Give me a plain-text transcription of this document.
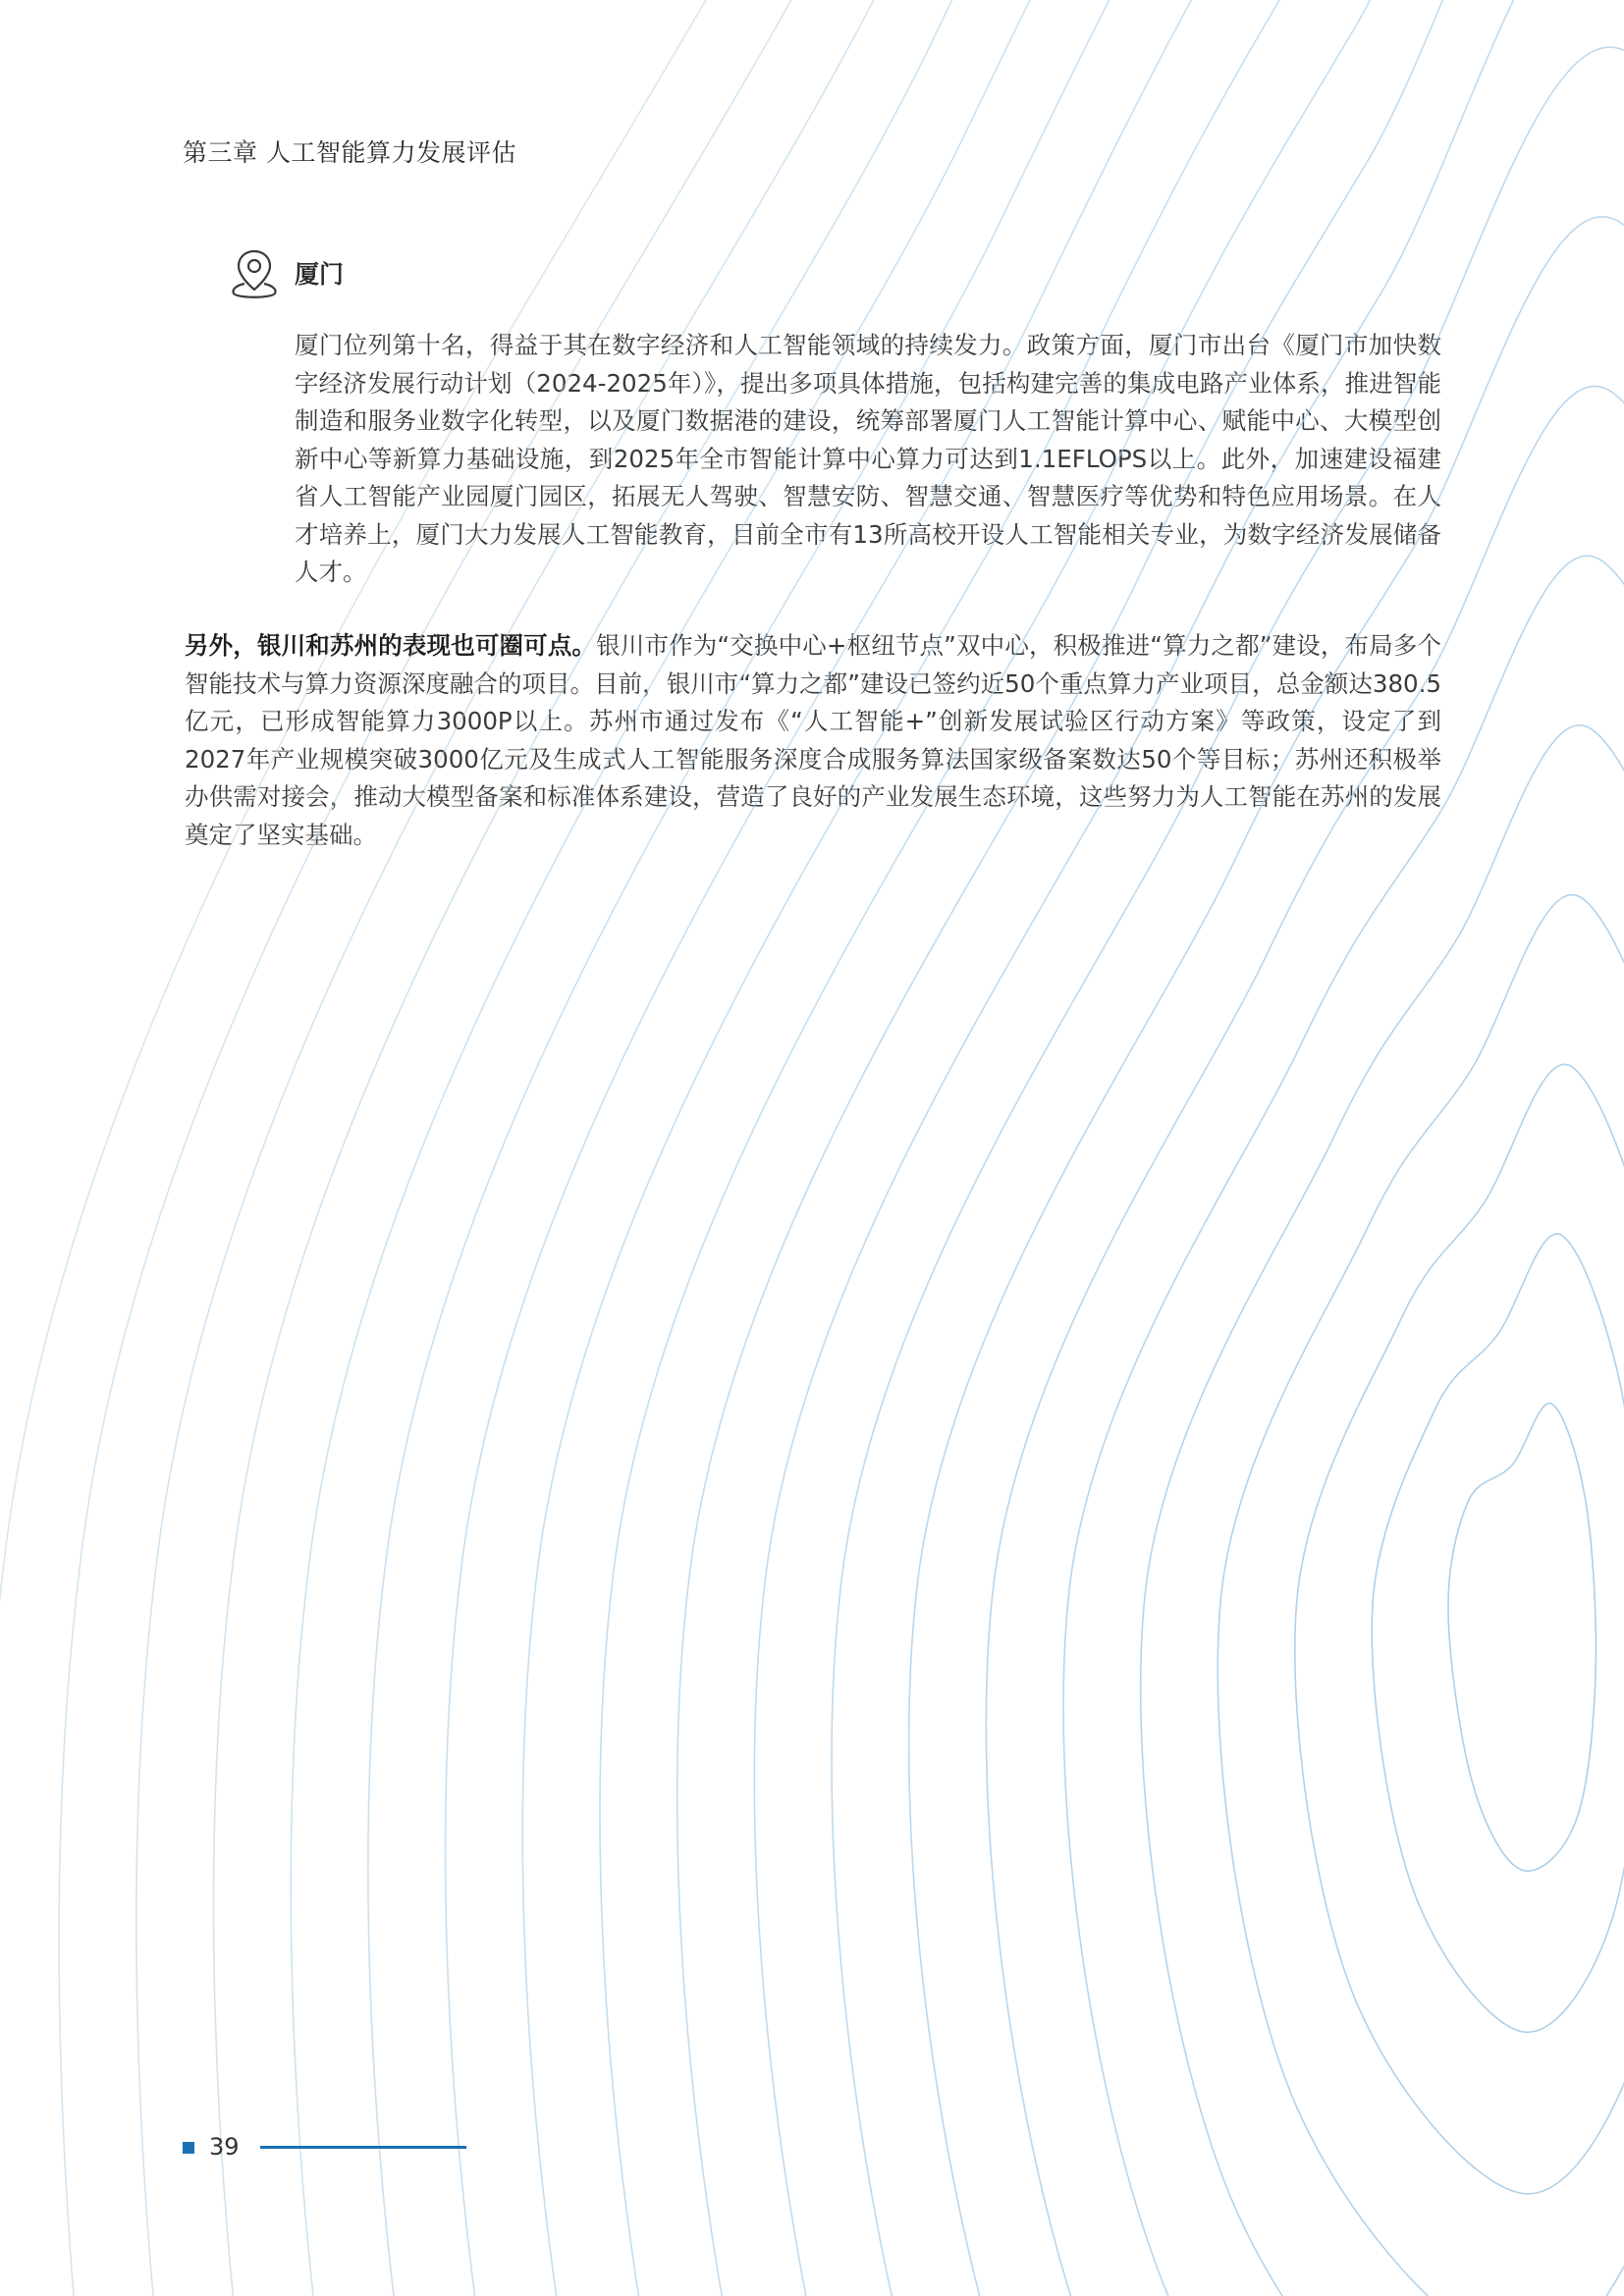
第三章 人工智能算力发展评估
厦门

厦门位列第十名，得益于其在数字经济和人工智能领域的持续发力。政策方面，厦门市出台《厦门市加快数字经济发展行动计划（2024-2025年）》，提出多项具体措施，包括构建完善的集成电路产业体系，推进智能制造和服务业数字化转型，以及厦门数据港的建设，统筹部署厦门人工智能计算中心、赋能中心、大模型创新中心等新算力基础设施，到2025年全市智能计算中心算力可达到1.1EFLOPS以上。此外，加速建设福建省人工智能产业园厦门园区，拓展无人驾驶、智慧安防、智慧交通、智慧医疗等优势和特色应用场景。在人才培养上，厦门大力发展人工智能教育，目前全市有13所高校开设人工智能相关专业，为数字经济发展储备人才。

另外，银川和苏州的表现也可圈可点。银川市作为“交换中心+枢纽节点”双中心，积极推进“算力之都”建设，布局多个智能技术与算力资源深度融合的项目。目前，银川市“算力之都”建设已签约近50个重点算力产业项目，总金额达380.5亿元，已形成智能算力3000P以上。苏州市通过发布《“人工智能+”创新发展试验区行动方案》等政策，设定了到2027年产业规模突破3000亿元及生成式人工智能服务深度合成服务算法国家级备案数达50个等目标；苏州还积极举办供需对接会，推动大模型备案和标准体系建设，营造了良好的产业发展生态环境，这些努力为人工智能在苏州的发展奠定了坚实基础。

39
